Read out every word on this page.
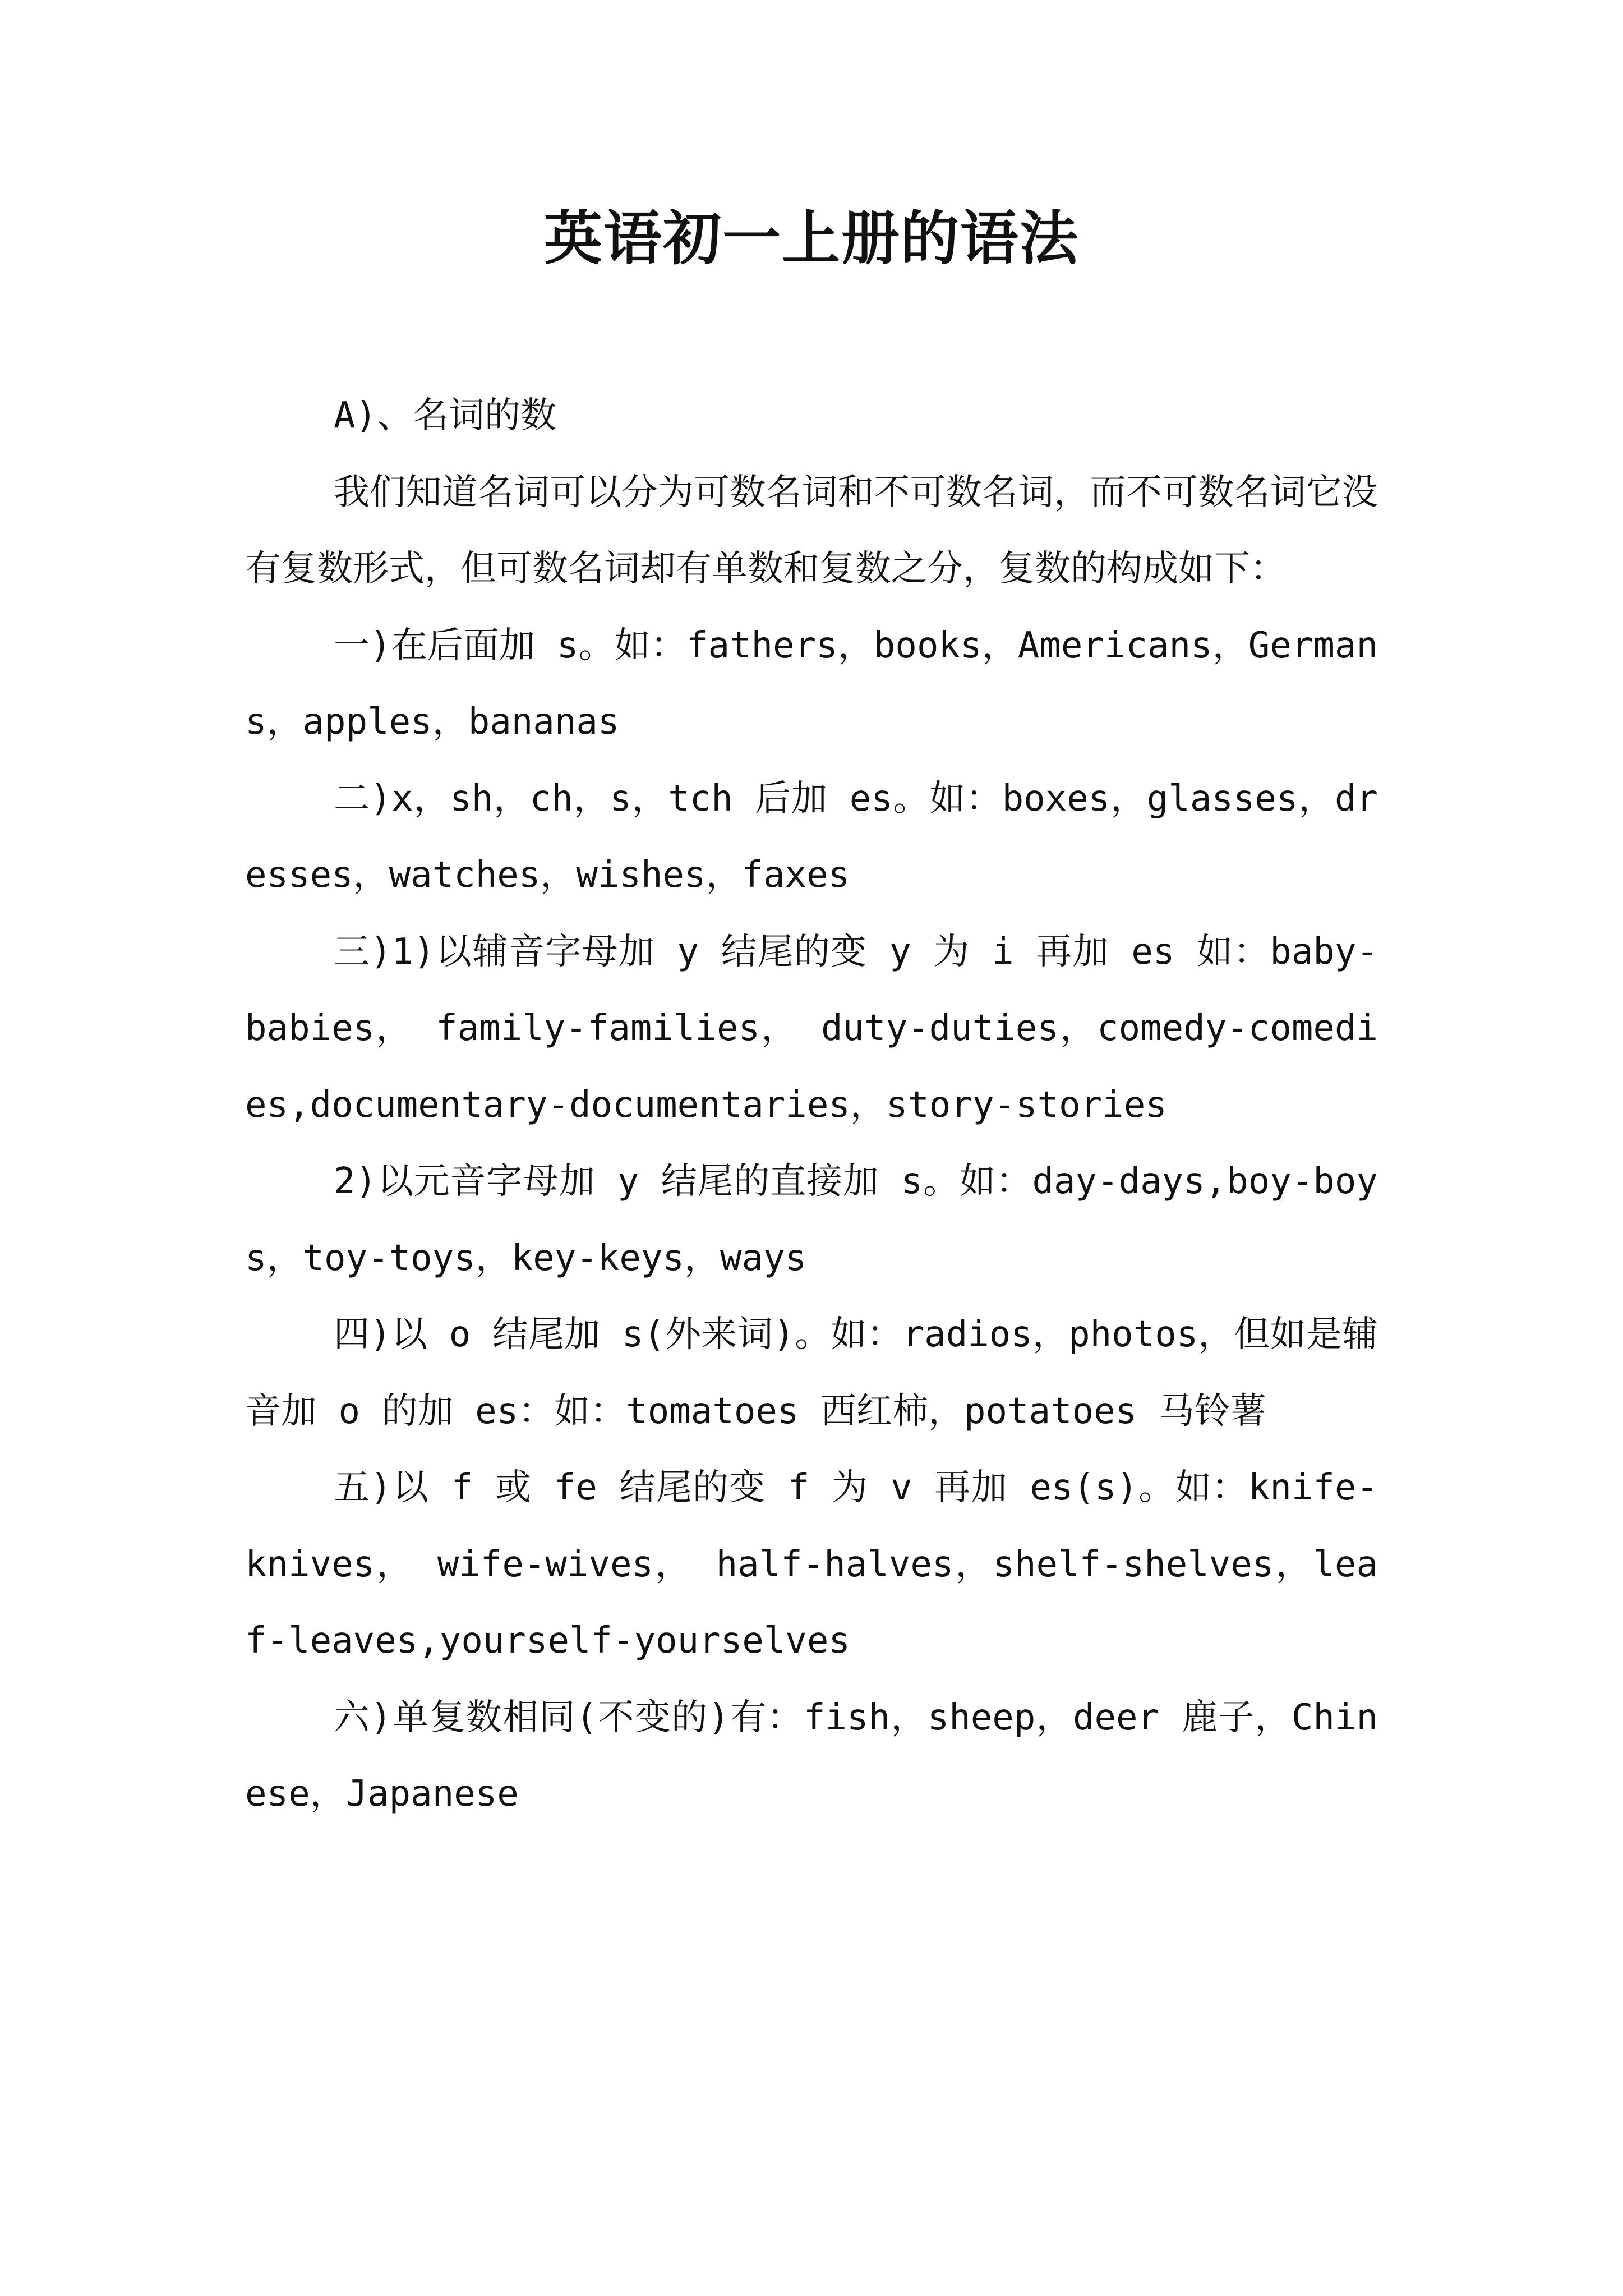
英语初一上册的语法

A)、名词的数

我们知道名词可以分为可数名词和不可数名词，而不可数名词它没有复数形式，但可数名词却有单数和复数之分，复数的构成如下：

一)在后面加 s。如：fathers，books，Americans，Germans，apples，bananas

二)x，sh，ch，s，tch 后加 es。如：boxes，glasses，dresses，watches，wishes，faxes

三)1)以辅音字母加 y 结尾的变 y 为 i 再加 es 如：baby-babies， family-families， duty-duties，comedy-comedies,documentary-documentaries，story-stories

2)以元音字母加 y 结尾的直接加 s。如：day-days,boy-boys，toy-toys，key-keys，ways

四)以 o 结尾加 s(外来词)。如：radios，photos，但如是辅音加 o 的加 es：如：tomatoes 西红柿，potatoes 马铃薯

五)以 f 或 fe 结尾的变 f 为 v 再加 es(s)。如：knife-knives， wife-wives， half-halves，shelf-shelves，leaf-leaves,yourself-yourselves

六)单复数相同(不变的)有：fish，sheep，deer 鹿子，Chinese，Japanese
